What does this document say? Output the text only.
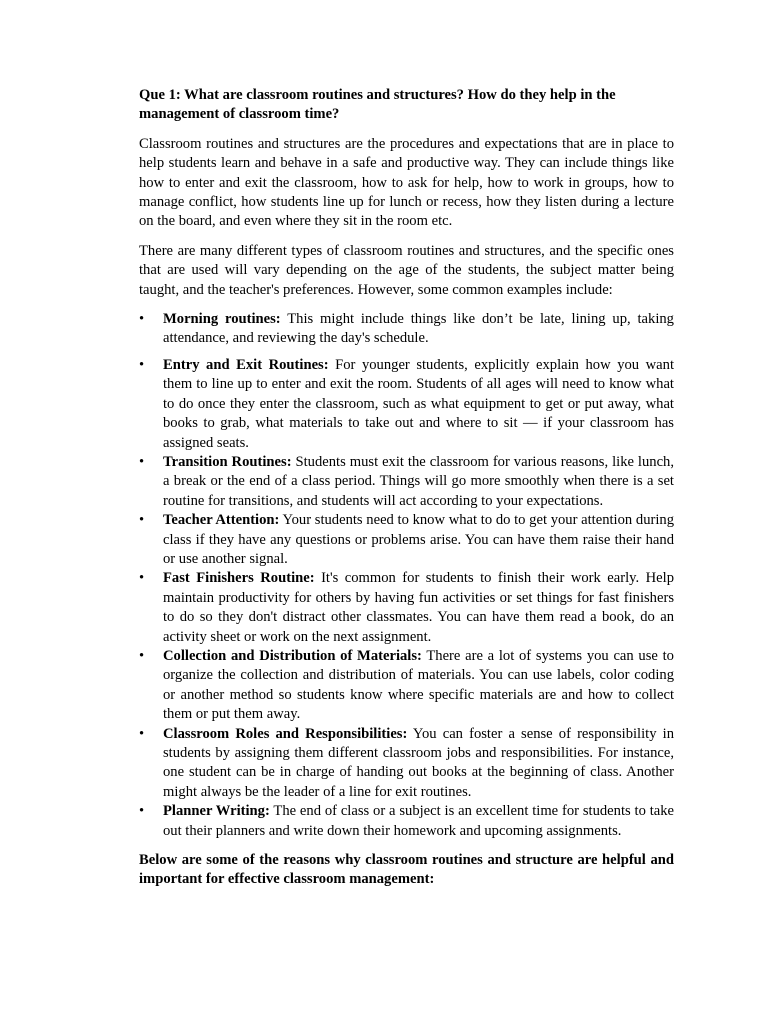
Que 1: What are classroom routines and structures? How do they help in the management of classroom time?

Classroom routines and structures are the procedures and expectations that are in place to help students learn and behave in a safe and productive way. They can include things like how to enter and exit the classroom, how to ask for help, how to work in groups, how to manage conflict, how students line up for lunch or recess, how they listen during a lecture on the board, and even where they sit in the room etc.

There are many different types of classroom routines and structures, and the specific ones that are used will vary depending on the age of the students, the subject matter being taught, and the teacher's preferences. However, some common examples include:

•	Morning routines: This might include things like don’t be late, lining up, taking attendance, and reviewing the day's schedule.
•	Entry and Exit Routines: For younger students, explicitly explain how you want them to line up to enter and exit the room. Students of all ages will need to know what to do once they enter the classroom, such as what equipment to get or put away, what books to grab, what materials to take out and where to sit — if your classroom has assigned seats.
•	Transition Routines: Students must exit the classroom for various reasons, like lunch, a break or the end of a class period. Things will go more smoothly when there is a set routine for transitions, and students will act according to your expectations.
•	Teacher Attention: Your students need to know what to do to get your attention during class if they have any questions or problems arise. You can have them raise their hand or use another signal.
•	Fast Finishers Routine: It's common for students to finish their work early. Help maintain productivity for others by having fun activities or set things for fast finishers to do so they don't distract other classmates. You can have them read a book, do an activity sheet or work on the next assignment.
•	Collection and Distribution of Materials: There are a lot of systems you can use to organize the collection and distribution of materials. You can use labels, color coding or another method so students know where specific materials are and how to collect them or put them away.
•	Classroom Roles and Responsibilities: You can foster a sense of responsibility in students by assigning them different classroom jobs and responsibilities. For instance, one student can be in charge of handing out books at the beginning of class. Another might always be the leader of a line for exit routines.
•	Planner Writing: The end of class or a subject is an excellent time for students to take out their planners and write down their homework and upcoming assignments.

Below are some of the reasons why classroom routines and structure are helpful and important for effective classroom management:
